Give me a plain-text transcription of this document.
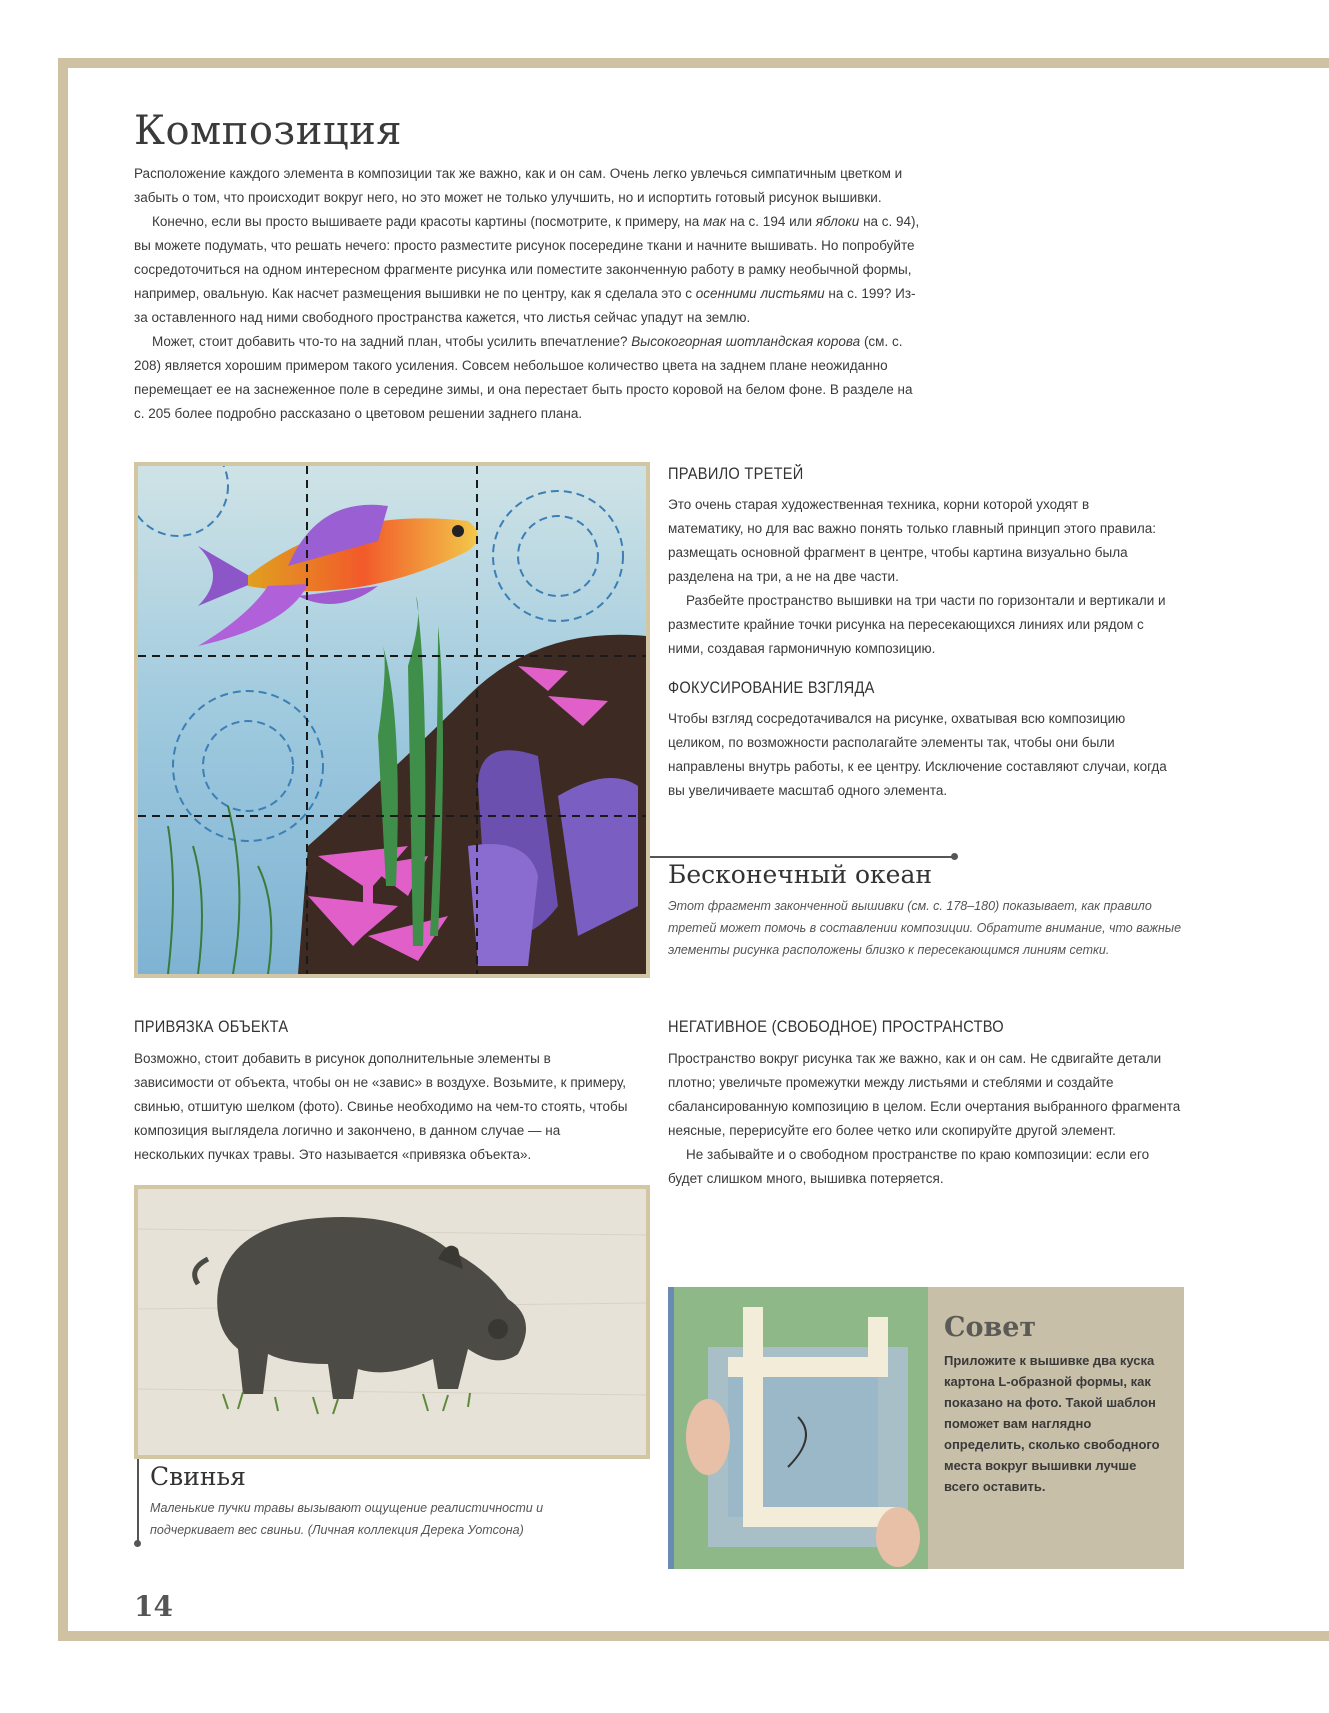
Композиция

Расположение каждого элемента в композиции так же важно, как и он сам. Очень легко увлечься симпатичным цветком и забыть о том, что происходит вокруг него, но это может не только улучшить, но и испортить готовый рисунок вышивки.

Конечно, если вы просто вышиваете ради красоты картины (посмотрите, к примеру, на мак на с. 194 или яблоки на с. 94), вы можете подумать, что решать нечего: просто разместите рисунок посередине ткани и начните вышивать. Но попробуйте сосредоточиться на одном интересном фрагменте рисунка или поместите законченную работу в рамку необычной формы, например, овальную. Как насчет размещения вышивки не по центру, как я сделала это с осенними листьями на с. 199? Из-за оставленного над ними свободного пространства кажется, что листья сейчас упадут на землю.

Может, стоит добавить что-то на задний план, чтобы усилить впечатление? Высокогорная шотландская корова (см. с. 208) является хорошим примером такого усиления. Совсем небольшое количество цвета на заднем плане неожиданно перемещает ее на заснеженное поле в середине зимы, и она перестает быть просто коровой на белом фоне. В разделе на с. 205 более подробно рассказано о цветовом решении заднего плана.

ПРАВИЛО ТРЕТЕЙ

Это очень старая художественная техника, корни которой уходят в математику, но для вас важно понять только главный принцип этого правила: размещать основной фрагмент в центре, чтобы картина визуально была разделена на три, а не на две части.

Разбейте пространство вышивки на три части по горизонтали и вертикали и разместите крайние точки рисунка на пересекающихся линиях или рядом с ними, создавая гармоничную композицию.

ФОКУСИРОВАНИЕ ВЗГЛЯДА
Чтобы взгляд сосредотачивался на рисунке, охватывая всю композицию целиком, по возможности располагайте элементы так, чтобы они были направлены внутрь работы, к ее центру. Исключение составляют случаи, когда вы увеличиваете масштаб одного элемента.
Бесконечный океан
Этот фрагмент законченной вышивки (см. с. 178–180) показывает, как правило третей может помочь в составлении композиции. Обратите внимание, что важные элементы рисунка расположены близко к пересекающимся линиям сетки.
ПРИВЯЗКА ОБЪЕКТА
Возможно, стоит добавить в рисунок дополнительные элементы в зависимости от объекта, чтобы он не «завис» в воздухе. Возьмите, к примеру, свинью, отшитую шелком (фото). Свинье необходимо на чем-то стоять, чтобы композиция выглядела логично и закончено, в данном случае — на нескольких пучках травы. Это называется «привязка объекта».
НЕГАТИВНОЕ (СВОБОДНОЕ) ПРОСТРАНСТВО

Пространство вокруг рисунка так же важно, как и он сам. Не сдвигайте детали плотно; увеличьте промежутки между листьями и стеблями и создайте сбалансированную композицию в целом. Если очертания выбранного фрагмента неясные, перерисуйте его более четко или скопируйте другой элемент.

Не забывайте и о свободном пространстве по краю композиции: если его будет слишком много, вышивка потеряется.

Свинья
Маленькие пучки травы вызывают ощущение реалистичности и подчеркивает вес свиньи. (Личная коллекция Дерека Уотсона)
Совет
Приложите к вышивке два куска картона L-образной формы, как показано на фото. Такой шаблон поможет вам наглядно определить, сколько свободного места вокруг вышивки лучше всего оставить.
14
